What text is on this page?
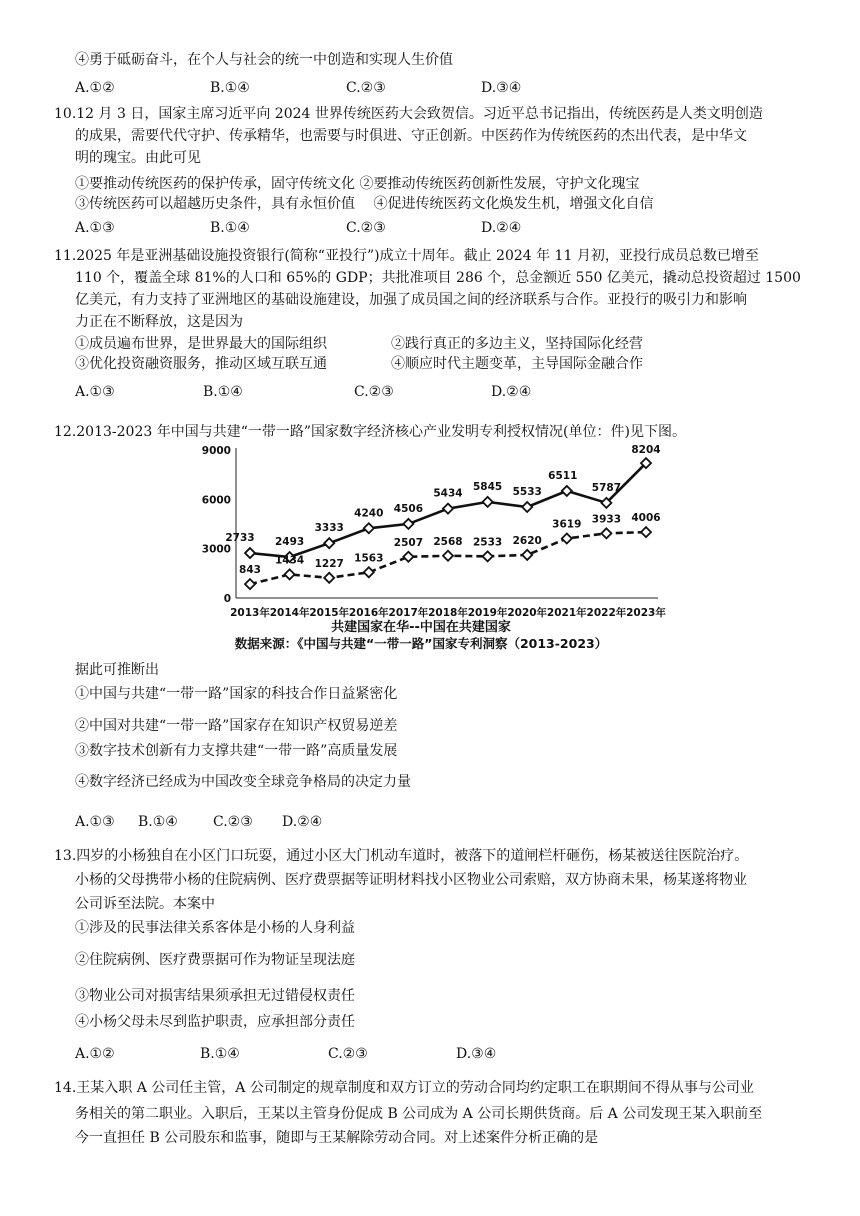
④勇于砥砺奋斗，在个人与社会的统一中创造和实现人生价值
A.①②	B.①④	C.②③	D.③④
10.12 月 3 日，国家主席习近平向 2024 世界传统医药大会致贺信。习近平总书记指出，传统医药是人类文明创造
的成果，需要代代守护、传承精华，也需要与时俱进、守正创新。中医药作为传统医药的杰出代表，是中华文
明的瑰宝。由此可见
①要推动传统医药的保护传承，固守传统文化 ②要推动传统医药创新性发展，守护文化瑰宝
③传统医药可以超越历史条件，具有永恒价值　 ④促进传统医药文化焕发生机，增强文化自信
A.①③	B.①④	C.②③	D.②④
11.2025 年是亚洲基础设施投资银行(简称“亚投行”)成立十周年。截止 2024 年 11 月初，亚投行成员总数已增至
110 个，覆盖全球 81%的人口和 65%的 GDP；共批准项目 286 个，总金额近 550 亿美元，撬动总投资超过 1500
亿美元，有力支持了亚洲地区的基础设施建设，加强了成员国之间的经济联系与合作。亚投行的吸引力和影响
力正在不断释放，这是因为
①成员遍布世界，是世界最大的国际组织	②践行真正的多边主义，坚持国际化经营
③优化投资融资服务，推动区域互联互通	④顺应时代主题变革，主导国际金融合作
A.①③	B.①④	C.②③	D.②④
12.2013-2023 年中国与共建“一带一路”国家数字经济核心产业发明专利授权情况(单位：件)见下图。
0
3000
6000
9000
2733 2493
3333
4240 4506
5434
5845 5533
6511
5787
8204
843
1434 1227 1563
2507 2568 2533 2620
3619 3933 4006
2013年 2014年 2015年 2016年 2017年 2018年 2019年 2020年 2021年 2022年 2023年
共建国家在华--中国在共建国家
数据来源：《中国与共建“一带一路”国家专利洞察（2013-2023）
据此可推断出
①中国与共建“一带一路”国家的科技合作日益紧密化
②中国对共建“一带一路”国家存在知识产权贸易逆差
③数字技术创新有力支撑共建“一带一路”高质量发展
④数字经济已经成为中国改变全球竞争格局的决定力量
A.①③ B.①④	C.②③ D.②④
13.四岁的小杨独自在小区门口玩耍，通过小区大门机动车道时，被落下的道闸栏杆砸伤，杨某被送往医院治疗。
小杨的父母携带小杨的住院病例、医疗费票据等证明材料找小区物业公司索赔，双方协商未果，杨某遂将物业
公司诉至法院。本案中
①涉及的民事法律关系客体是小杨的人身利益
②住院病例、医疗费票据可作为物证呈现法庭
③物业公司对损害结果须承担无过错侵权责任
④小杨父母未尽到监护职责，应承担部分责任
A.①②	B.①④	C.②③	D.③④
14.王某入职 A 公司任主管，A 公司制定的规章制度和双方订立的劳动合同均约定职工在职期间不得从事与公司业
务相关的第二职业。入职后，王某以主管身份促成 B 公司成为 A 公司长期供货商。后 A 公司发现王某入职前至
今一直担任 B 公司股东和监事，随即与王某解除劳动合同。对上述案件分析正确的是
